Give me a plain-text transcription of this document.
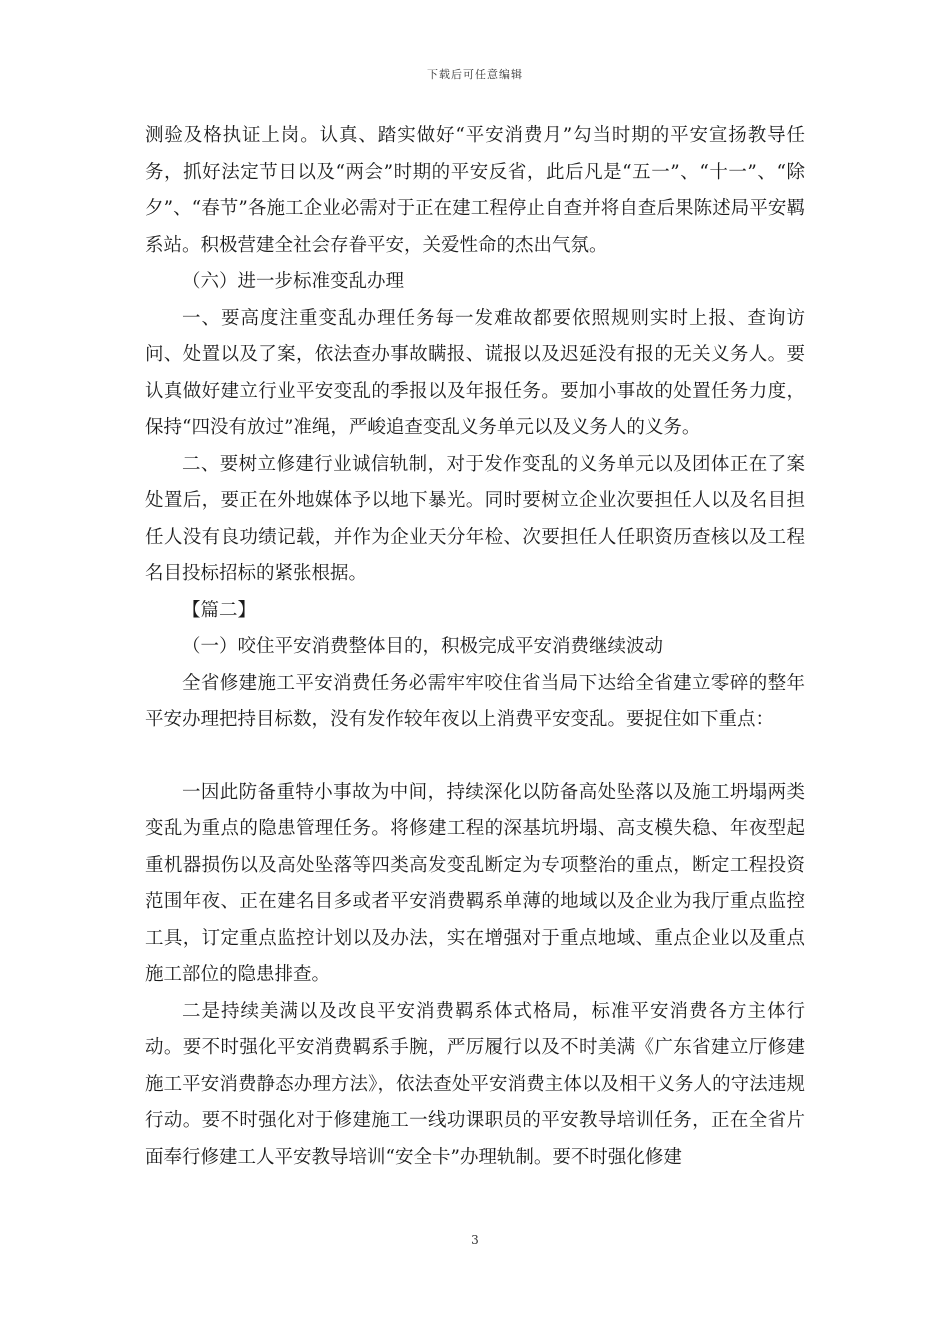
下载后可任意编辑

测验及格执证上岗。认真、踏实做好“平安消费月”勾当时期的平安宣扬教导任务，抓好法定节日以及“两会”时期的平安反省，此后凡是“五一”、“十一”、“除夕”、“春节”各施工企业必需对于正在建工程停止自查并将自查后果陈述局平安羁系站。积极营建全社会存眷平安，关爱性命的杰出气氛。

（六）进一步标准变乱办理

一、要高度注重变乱办理任务每一发难故都要依照规则实时上报、查询访问、处置以及了案，依法查办事故瞒报、谎报以及迟延没有报的无关义务人。要认真做好建立行业平安变乱的季报以及年报任务。要加小事故的处置任务力度，保持“四没有放过”准绳，严峻追查变乱义务单元以及义务人的义务。

二、要树立修建行业诚信轨制，对于发作变乱的义务单元以及团体正在了案处置后，要正在外地媒体予以地下暴光。同时要树立企业次要担任人以及名目担任人没有良功绩记载，并作为企业天分年检、次要担任人任职资历查核以及工程名目投标招标的紧张根据。

【篇二】

（一）咬住平安消费整体目的，积极完成平安消费继续波动

全省修建施工平安消费任务必需牢牢咬住省当局下达给全省建立零碎的整年平安办理把持目标数，没有发作较年夜以上消费平安变乱。要捉住如下重点：

一因此防备重特小事故为中间，持续深化以防备高处坠落以及施工坍塌两类变乱为重点的隐患管理任务。将修建工程的深基坑坍塌、高支模失稳、年夜型起重机器损伤以及高处坠落等四类高发变乱断定为专项整治的重点，断定工程投资范围年夜、正在建名目多或者平安消费羁系单薄的地域以及企业为我厅重点监控工具，订定重点监控计划以及办法，实在增强对于重点地域、重点企业以及重点施工部位的隐患排查。

二是持续美满以及改良平安消费羁系体式格局，标准平安消费各方主体行动。要不时强化平安消费羁系手腕，严厉履行以及不时美满《广东省建立厅修建施工平安消费静态办理方法》，依法查处平安消费主体以及相干义务人的守法违规行动。要不时强化对于修建施工一线功课职员的平安教导培训任务，正在全省片面奉行修建工人平安教导培训“安全卡”办理轨制。要不时强化修建

3
